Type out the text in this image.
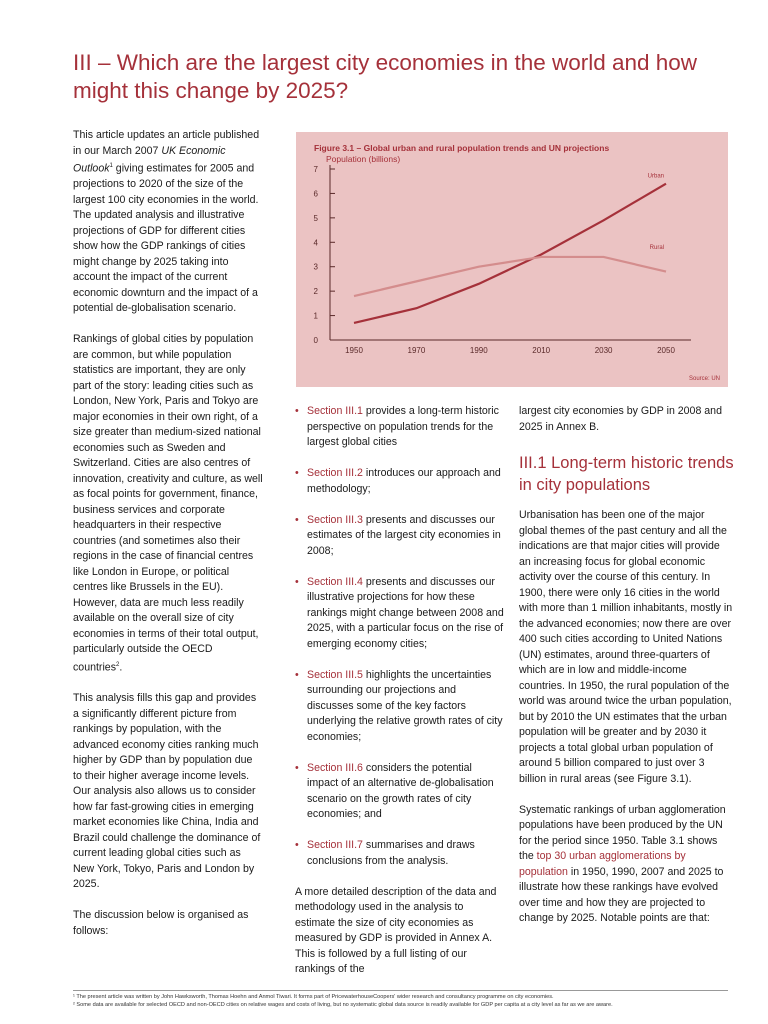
III – Which are the largest city economies in the world and how might this change by 2025?

This article updates an article published in our March 2007 UK Economic Outlook$^1$ giving estimates for 2005 and projections to 2020 of the size of the largest 100 city economies in the world. The updated analysis and illustrative projections of GDP for different cities show how the GDP rankings of cities might change by 2025 taking into account the impact of the current economic downturn and the impact of a potential de-globalisation scenario.

Rankings of global cities by population are common, but while population statistics are important, they are only part of the story: leading cities such as London, New York, Paris and Tokyo are major economies in their own right, of a size greater than medium-sized national economies such as Sweden and Switzerland. Cities are also centres of innovation, creativity and culture, as well as focal points for government, finance, business services and corporate headquarters in their respective countries (and sometimes also their regions in the case of financial centres like London in Europe, or political centres like Brussels in the EU). However, data are much less readily available on the overall size of city economies in terms of their total output, particularly outside the OECD countries$^2$.

This analysis fills this gap and provides a significantly different picture from rankings by population, with the advanced economy cities ranking much higher by GDP than by population due to their higher average income levels. Our analysis also allows us to consider how far fast-growing cities in emerging market economies like China, India and Brazil could challenge the dominance of current leading global cities such as New York, Tokyo, Paris and London by 2025.

The discussion below is organised as follows:

Figure 3.1 – Global urban and rural population trends and UN projections
Population (billions)
Source: UN
0
1
2
3
4
5
6
7
1950	1970	1990	2010	2030	2050
Urban
Rural
• Section III.1 provides a long-term historic perspective on population trends for the largest global cities
• Section III.2 introduces our approach and methodology;
• Section III.3 presents and discusses our estimates of the largest city economies in 2008;
• Section III.4 presents and discusses our illustrative projections for how these rankings might change between 2008 and 2025, with a particular focus on the rise of emerging economy cities;
• Section III.5 highlights the uncertainties surrounding our projections and discusses some of the key factors underlying the relative growth rates of city economies;
• Section III.6 considers the potential impact of an alternative de-globalisation scenario on the growth rates of city economies; and
• Section III.7 summarises and draws conclusions from the analysis.

A more detailed description of the data and methodology used in the analysis to estimate the size of city economies as measured by GDP is provided in Annex A. This is followed by a full listing of our rankings of the

largest city economies by GDP in 2008 and 2025 in Annex B.

III.1 Long-term historic trends in city populations

Urbanisation has been one of the major global themes of the past century and all the indications are that major cities will provide an increasing focus for global economic activity over the course of this century. In 1900, there were only 16 cities in the world with more than 1 million inhabitants, mostly in the advanced economies; now there are over 400 such cities according to United Nations (UN) estimates, around three-quarters of which are in low and middle-income countries. In 1950, the rural population of the world was around twice the urban population, but by 2010 the UN estimates that the urban population will be greater and by 2030 it projects a total global urban population of around 5 billion compared to just over 3 billion in rural areas (see Figure 3.1).

Systematic rankings of urban agglomeration populations have been produced by the UN for the period since 1950. Table 3.1 shows the top 30 urban agglomerations by population in 1950, 1990, 2007 and 2025 to illustrate how these rankings have evolved over time and how they are projected to change by 2025. Notable points are that:

¹ The present article was written by John Hawksworth, Thomas Hoehn and Anmol Tiwari. It forms part of PricewaterhouseCoopers' wider research and consultancy programme on city economies.
² Some data are available for selected OECD and non-OECD cities on relative wages and costs of living, but no systematic global data source is readily available for GDP per capita at a city level as far as we are aware.
